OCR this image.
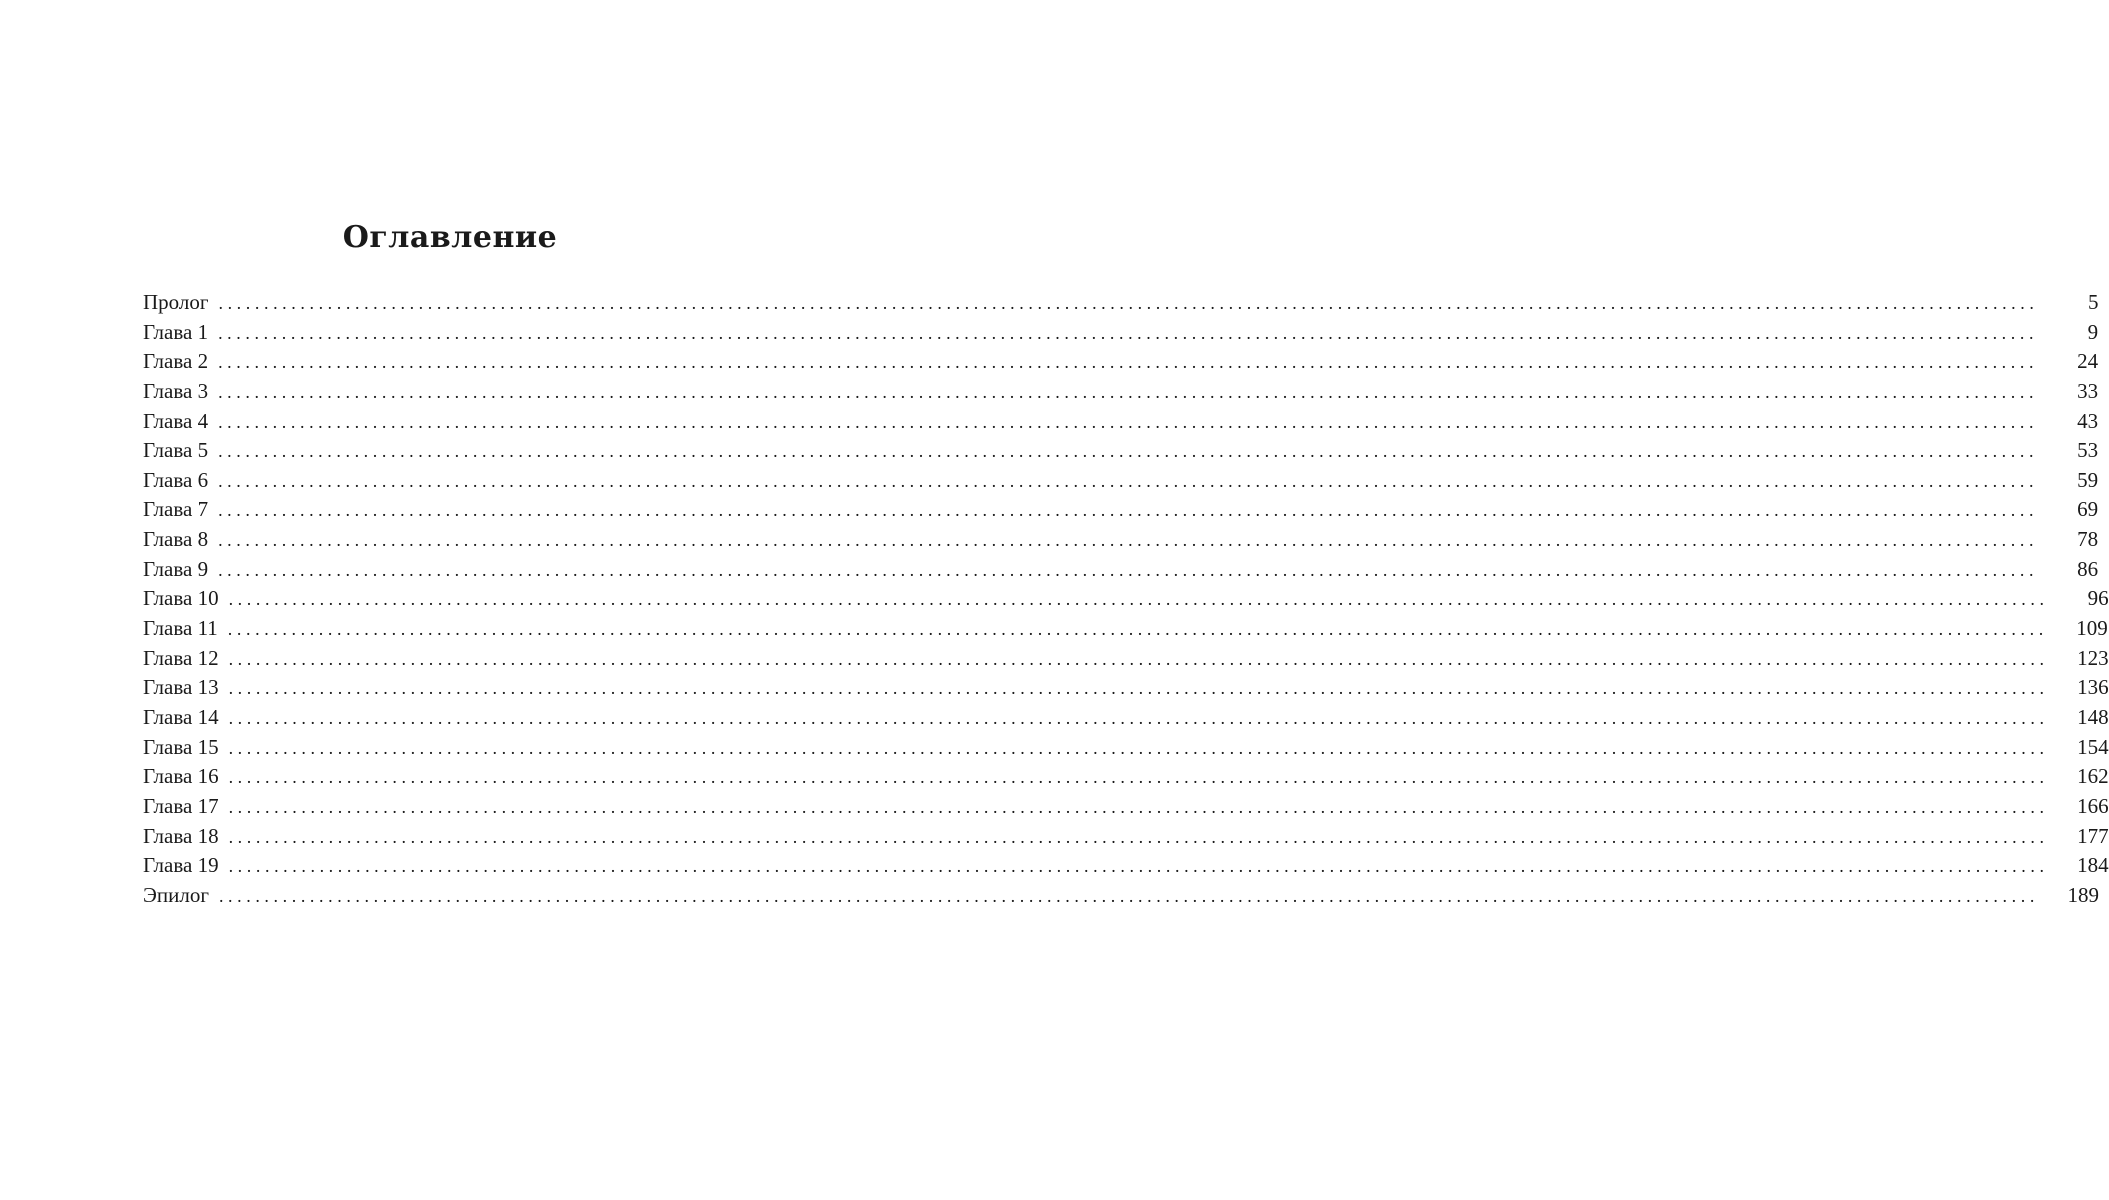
Оглавление
Пролог ........................................................................................................................................................................................................	5
Глава 1 ........................................................................................................................................................................................................	9
Глава 2 ........................................................................................................................................................................................................	24
Глава 3 ........................................................................................................................................................................................................	33
Глава 4 ........................................................................................................................................................................................................	43
Глава 5 ........................................................................................................................................................................................................	53
Глава 6 ........................................................................................................................................................................................................	59
Глава 7 ........................................................................................................................................................................................................	69
Глава 8 ........................................................................................................................................................................................................	78
Глава 9 ........................................................................................................................................................................................................	86
Глава 10 ........................................................................................................................................................................................................	96
Глава 11 ........................................................................................................................................................................................................	109
Глава 12 ........................................................................................................................................................................................................	123
Глава 13 ........................................................................................................................................................................................................	136
Глава 14 ........................................................................................................................................................................................................	148
Глава 15 ........................................................................................................................................................................................................	154
Глава 16 ........................................................................................................................................................................................................	162
Глава 17 ........................................................................................................................................................................................................	166
Глава 18 ........................................................................................................................................................................................................	177
Глава 19 ........................................................................................................................................................................................................	184
Эпилог ........................................................................................................................................................................................................	189
